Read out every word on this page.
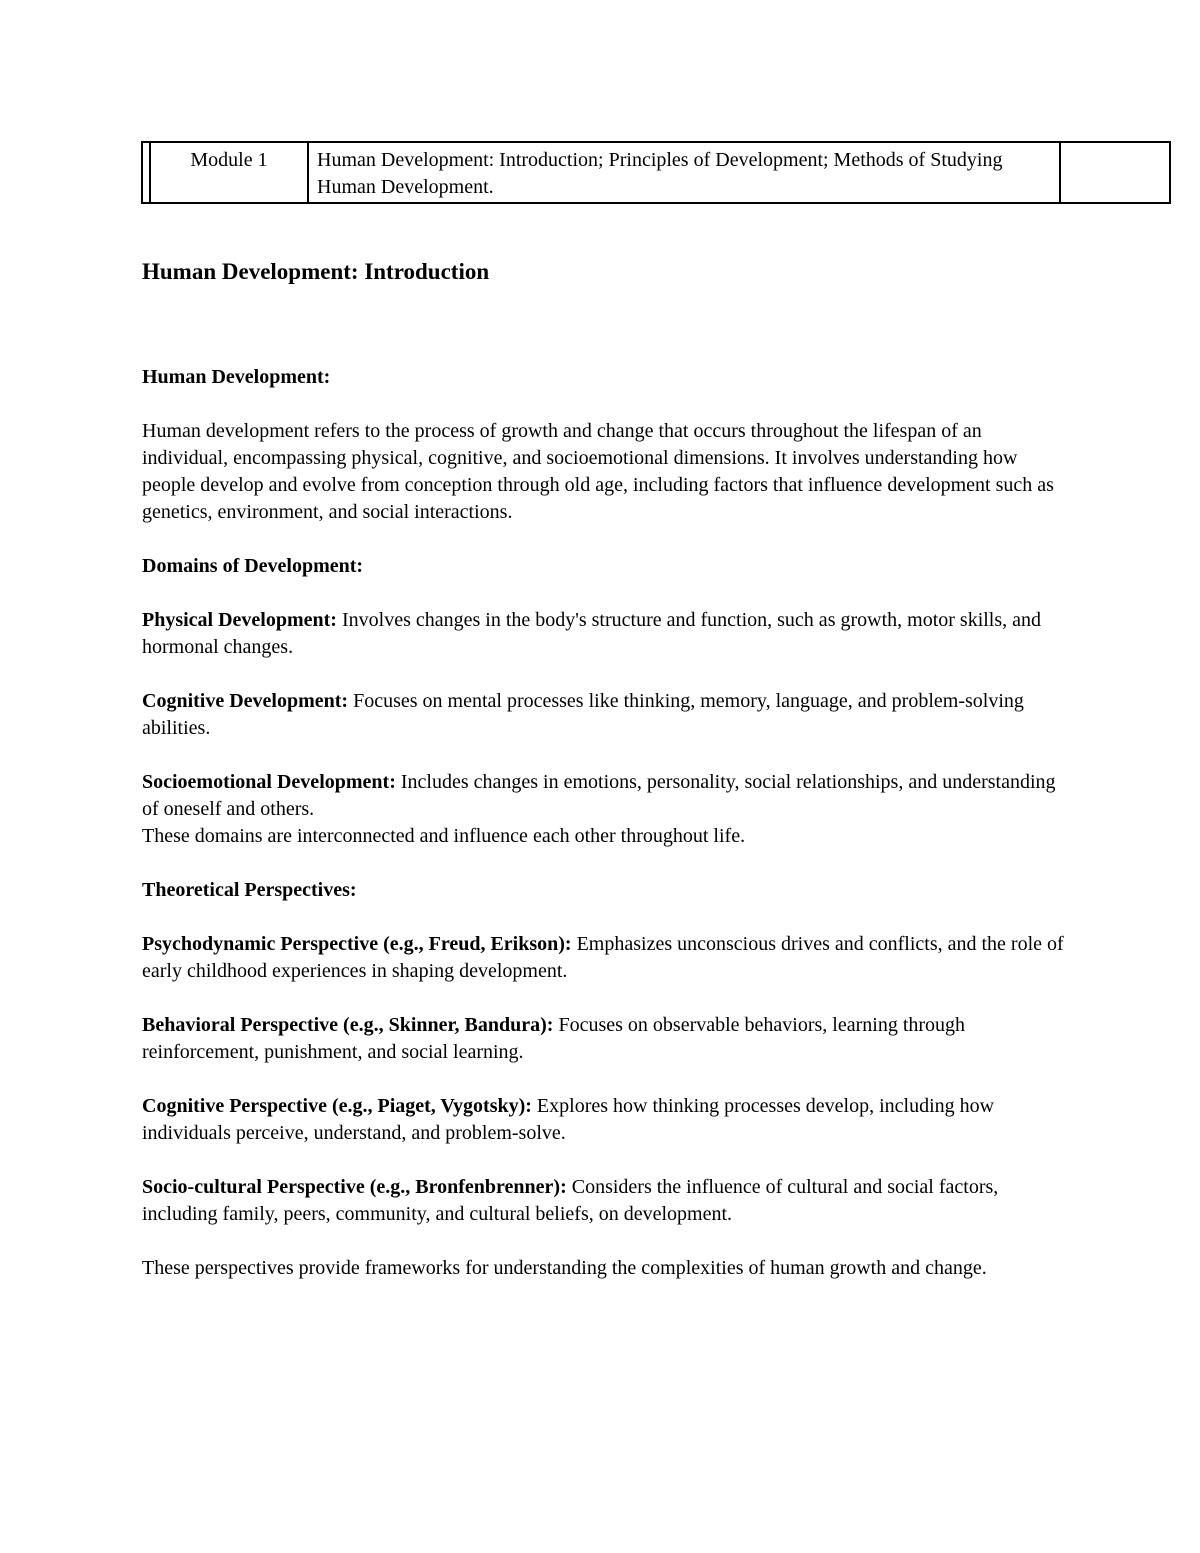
	Module 1	Human Development: Introduction; Principles of Development; Methods of Studying Human Development.	
Human Development: Introduction
Human Development:

Human development refers to the process of growth and change that occurs throughout the lifespan of an individual, encompassing physical, cognitive, and socioemotional dimensions. It involves understanding how people develop and evolve from conception through old age, including factors that influence development such as genetics, environment, and social interactions.

Domains of Development:

Physical Development: Involves changes in the body's structure and function, such as growth, motor skills, and hormonal changes.

Cognitive Development: Focuses on mental processes like thinking, memory, language, and problem-solving abilities.

Socioemotional Development: Includes changes in emotions, personality, social relationships, and understanding of oneself and others.

These domains are interconnected and influence each other throughout life.

Theoretical Perspectives:

Psychodynamic Perspective (e.g., Freud, Erikson): Emphasizes unconscious drives and conflicts, and the role of early childhood experiences in shaping development.

Behavioral Perspective (e.g., Skinner, Bandura): Focuses on observable behaviors, learning through reinforcement, punishment, and social learning.

Cognitive Perspective (e.g., Piaget, Vygotsky): Explores how thinking processes develop, including how individuals perceive, understand, and problem-solve.

Socio-cultural Perspective (e.g., Bronfenbrenner): Considers the influence of cultural and social factors, including family, peers, community, and cultural beliefs, on development.

These perspectives provide frameworks for understanding the complexities of human growth and change.
